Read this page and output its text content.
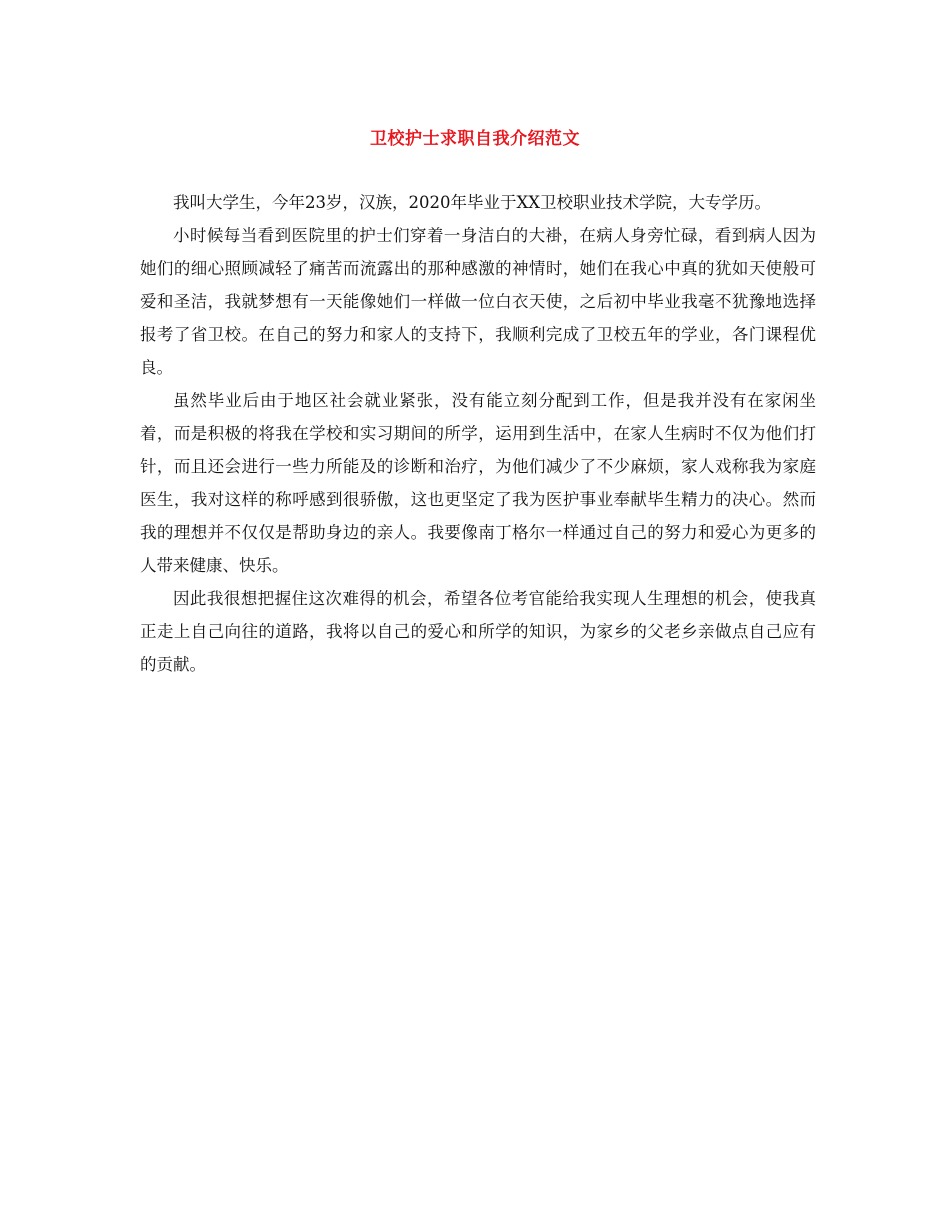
卫校护士求职自我介绍范文

我叫大学生，今年23岁，汉族，2020年毕业于XX卫校职业技术学院，大专学历。

小时候每当看到医院里的护士们穿着一身洁白的大褂，在病人身旁忙碌，看到病人因为她们的细心照顾减轻了痛苦而流露出的那种感激的神情时，她们在我心中真的犹如天使般可爱和圣洁，我就梦想有一天能像她们一样做一位白衣天使，之后初中毕业我毫不犹豫地选择报考了省卫校。在自己的努力和家人的支持下，我顺利完成了卫校五年的学业，各门课程优良。

虽然毕业后由于地区社会就业紧张，没有能立刻分配到工作，但是我并没有在家闲坐着，而是积极的将我在学校和实习期间的所学，运用到生活中，在家人生病时不仅为他们打针，而且还会进行一些力所能及的诊断和治疗，为他们减少了不少麻烦，家人戏称我为家庭医生，我对这样的称呼感到很骄傲，这也更坚定了我为医护事业奉献毕生精力的决心。然而我的理想并不仅仅是帮助身边的亲人。我要像南丁格尔一样通过自己的努力和爱心为更多的人带来健康、快乐。

因此我很想把握住这次难得的机会，希望各位考官能给我实现人生理想的机会，使我真正走上自己向往的道路，我将以自己的爱心和所学的知识，为家乡的父老乡亲做点自己应有的贡献。
